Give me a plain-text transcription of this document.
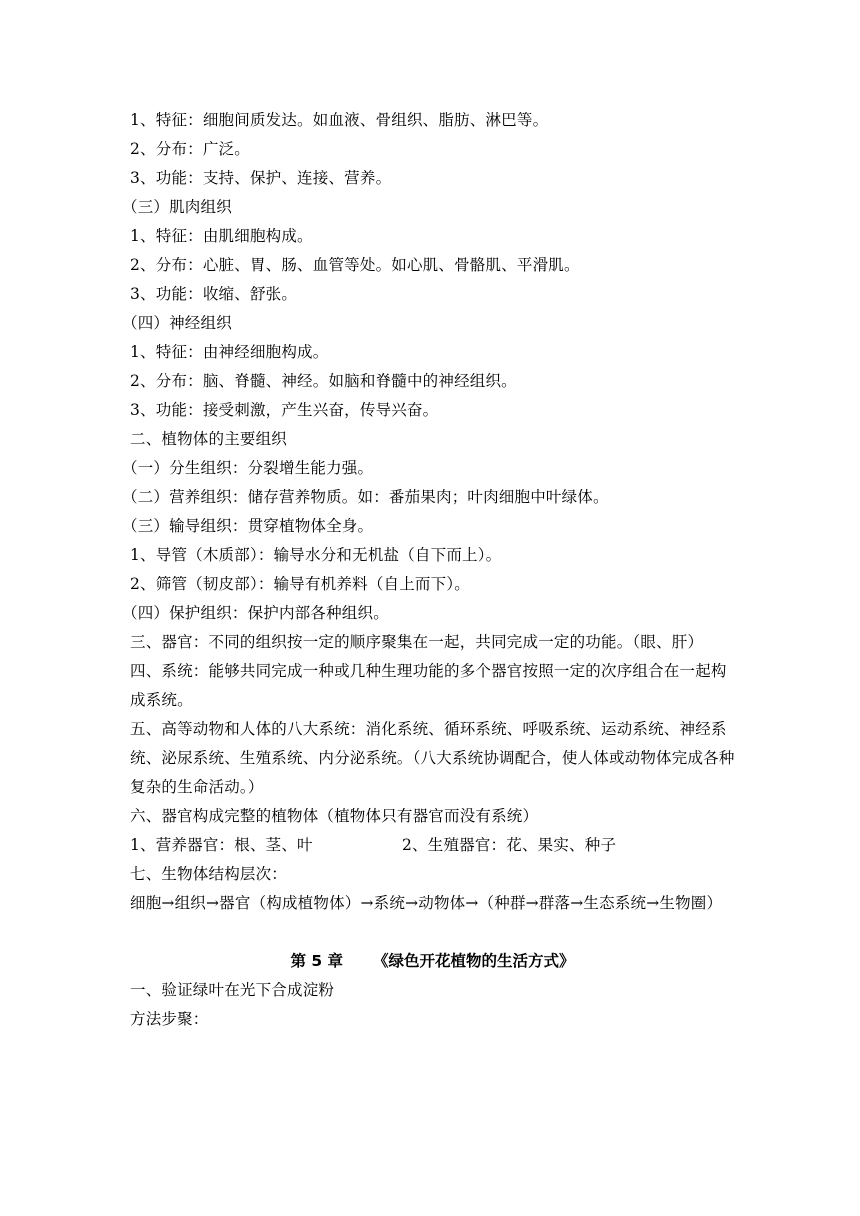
1、特征：细胞间质发达。如血液、骨组织、脂肪、淋巴等。
2、分布：广泛。
3、功能：支持、保护、连接、营养。
（三）肌肉组织
1、特征：由肌细胞构成。
2、分布：心脏、胃、肠、血管等处。如心肌、骨骼肌、平滑肌。
3、功能：收缩、舒张。
（四）神经组织
1、特征：由神经细胞构成。
2、分布：脑、脊髓、神经。如脑和脊髓中的神经组织。
3、功能：接受刺激，产生兴奋，传导兴奋。
二、植物体的主要组织
（一）分生组织：分裂增生能力强。
（二）营养组织：储存营养物质。如：番茄果肉；叶肉细胞中叶绿体。
（三）输导组织：贯穿植物体全身。
1、导管（木质部）：输导水分和无机盐（自下而上）。
2、筛管（韧皮部）：输导有机养料（自上而下）。
（四）保护组织：保护内部各种组织。
三、器官：不同的组织按一定的顺序聚集在一起，共同完成一定的功能。（眼、肝）
四、系统：能够共同完成一种或几种生理功能的多个器官按照一定的次序组合在一起构成系统。
五、高等动物和人体的八大系统：消化系统、循环系统、呼吸系统、运动系统、神经系统、泌尿系统、生殖系统、内分泌系统。（八大系统协调配合，使人体或动物体完成各种复杂的生命活动。）
六、器官构成完整的植物体（植物体只有器官而没有系统）
1、营养器官：根、茎、叶	2、生殖器官：花、果实、种子
七、生物体结构层次：
细胞→组织→器官（构成植物体）→系统→动物体→（种群→群落→生态系统→生物圈）
第 5 章 《绿色开花植物的生活方式》
一、验证绿叶在光下合成淀粉
方法步聚：
